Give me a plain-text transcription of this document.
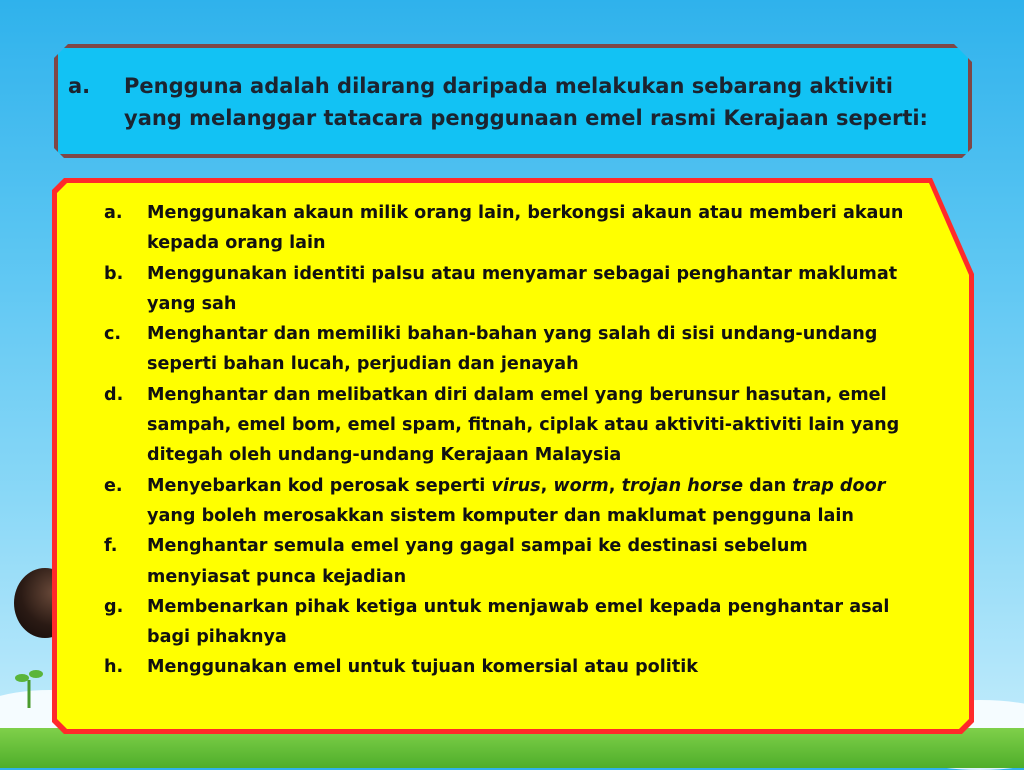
a.	Pengguna adalah dilarang daripada melakukan sebarang aktiviti yang melanggar tatacara penggunaan emel rasmi Kerajaan seperti:
a.	Menggunakan akaun milik orang lain, berkongsi akaun atau memberi akaun kepada orang lain
b.	Menggunakan identiti palsu atau menyamar sebagai penghantar maklumat yang sah
c.	Menghantar dan memiliki bahan-bahan yang salah di sisi undang-undang seperti bahan lucah, perjudian dan jenayah
d.	Menghantar dan melibatkan diri dalam emel yang berunsur hasutan, emel sampah, emel bom, emel spam, fitnah, ciplak atau aktiviti-aktiviti lain yang ditegah oleh undang-undang Kerajaan Malaysia
e.	Menyebarkan kod perosak seperti virus, worm, trojan horse dan trap door yang boleh merosakkan sistem komputer dan maklumat pengguna lain
f.	Menghantar semula emel yang gagal sampai ke destinasi sebelum menyiasat punca kejadian
g.	Membenarkan pihak ketiga untuk menjawab emel kepada penghantar asal bagi pihaknya
h.	Menggunakan emel untuk tujuan komersial atau politik
